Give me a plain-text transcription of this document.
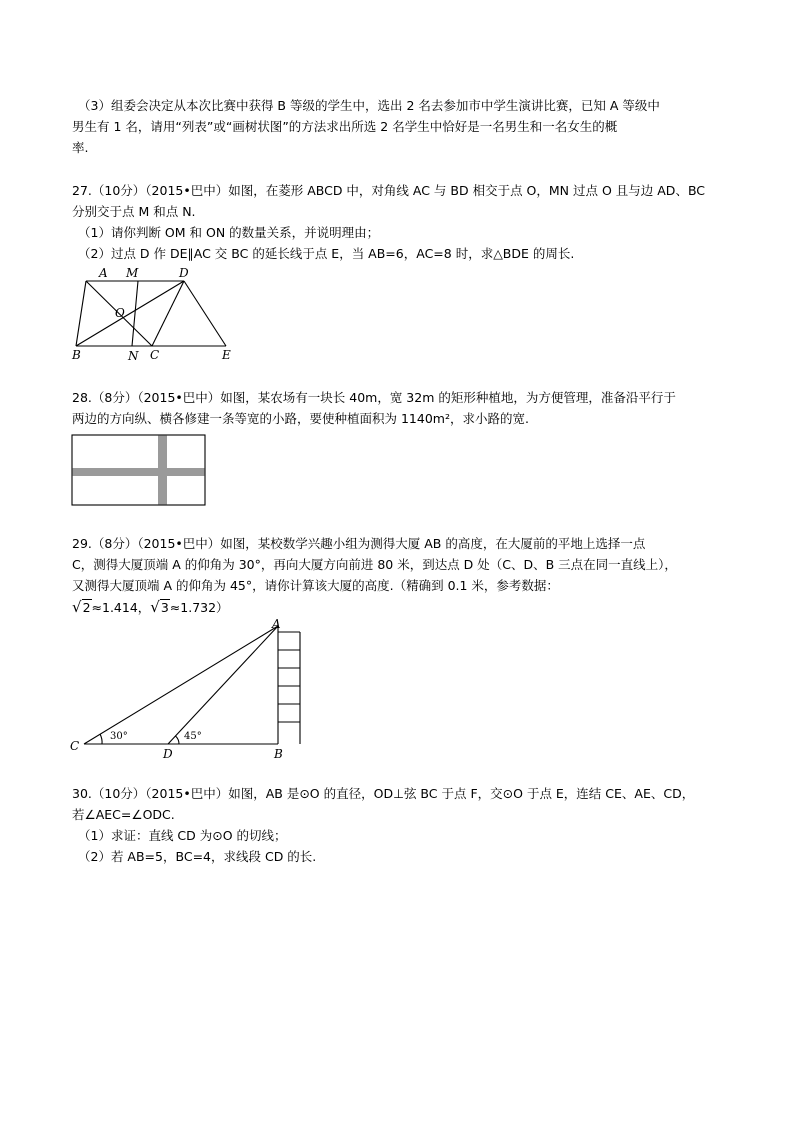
（3）组委会决定从本次比赛中获得 B 等级的学生中，选出 2 名去参加市中学生演讲比赛，已知 A 等级中
男生有 1 名，请用“列表”或“画树状图”的方法求出所选 2 名学生中恰好是一名男生和一名女生的概
率.
27.（10分）（2015•巴中）如图，在菱形 ABCD 中，对角线 AC 与 BD 相交于点 O，MN 过点 O 且与边 AD、BC
分别交于点 M 和点 N.
（1）请你判断 OM 和 ON 的数量关系，并说明理由；
（2）过点 D 作 DE∥AC 交 BC 的延长线于点 E，当 AB=6，AC=8 时，求△BDE 的周长.
A M	D
O
B	N C	E
28.（8分）（2015•巴中）如图，某农场有一块长 40m，宽 32m 的矩形种植地，为方便管理，准备沿平行于
两边的方向纵、横各修建一条等宽的小路，要使种植面积为 1140m²，求小路的宽.
29.（8分）（2015•巴中）如图，某校数学兴趣小组为测得大厦 AB 的高度，在大厦前的平地上选择一点
C，测得大厦顶端 A 的仰角为 30°，再向大厦方向前进 80 米，到达点 D 处（C、D、B 三点在同一直线上），
又测得大厦顶端 A 的仰角为 45°，请你计算该大厦的高度.（精确到 0.1 米，参考数据：
√2≈1.414，√3≈1.732）
A
B
C
D
30°	45°
30.（10分）（2015•巴中）如图，AB 是⊙O 的直径，OD⊥弦 BC 于点 F，交⊙O 于点 E，连结 CE、AE、CD，
若∠AEC=∠ODC.
（1）求证：直线 CD 为⊙O 的切线；
（2）若 AB=5，BC=4，求线段 CD 的长.
